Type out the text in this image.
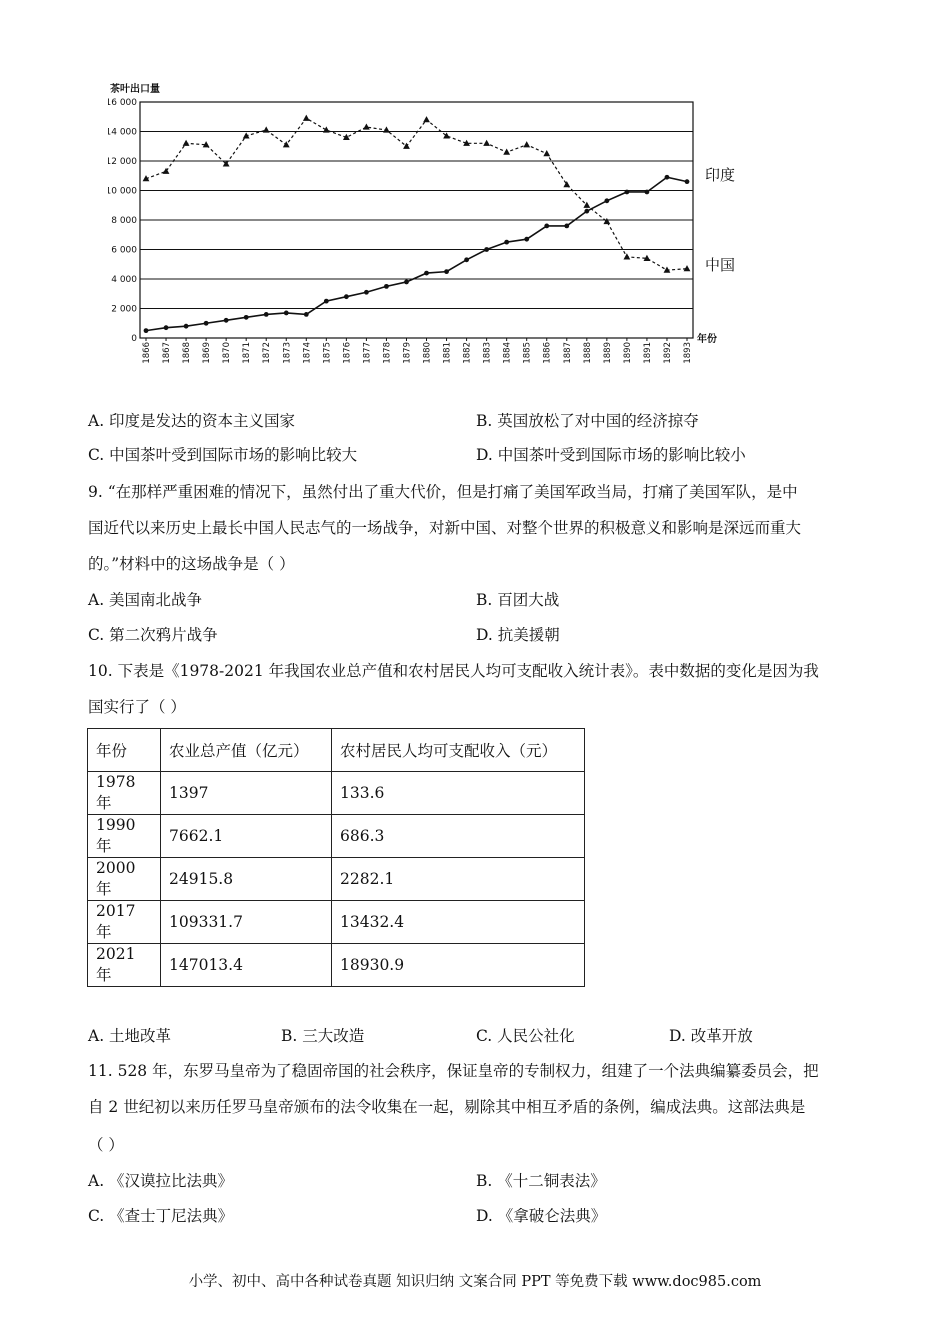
0
2 000
4 000
6 000
8 000
10 000
12 000
14 000
16 000
茶叶出口量
1866 1867 1868 1869 1870 1871 1872 1873 1874 1875 1876 1877 1878 1879 1880 1881 1882 1883 1884 1885 1886 1887 1888 1889 1890 1891 1892 1893
年份
中国
印度
A. 印度是发达的资本主义国家	B. 英国放松了对中国的经济掠夺
C. 中国茶叶受到国际市场的影响比较大	D. 中国茶叶受到国际市场的影响比较小
9. “在那样严重困难的情况下，虽然付出了重大代价，但是打痛了美国军政当局，打痛了美国军队，是中
国近代以来历史上最长中国人民志气的一场战争，对新中国、对整个世界的积极意义和影响是深远而重大
的。”材料中的这场战争是（ ）
A. 美国南北战争	B. 百团大战
C. 第二次鸦片战争	D. 抗美援朝
10. 下表是《1978-2021 年我国农业总产值和农村居民人均可支配收入统计表》。表中数据的变化是因为我
国实行了（ ）
年份	农业总产值（亿元）	农村居民人均可支配收入（元）
1978 年	1397	133.6
1990 年	7662.1	686.3
2000 年	24915.8	2282.1
2017 年	109331.7	13432.4
2021 年	147013.4	18930.9
A. 土地改革	B. 三大改造	C. 人民公社化	D. 改革开放
11. 528 年，东罗马皇帝为了稳固帝国的社会秩序，保证皇帝的专制权力，组建了一个法典编纂委员会，把
自 2 世纪初以来历任罗马皇帝颁布的法令收集在一起，剔除其中相互矛盾的条例，编成法典。这部法典是
（ ）
A. 《汉谟拉比法典》	B. 《十二铜表法》
C. 《查士丁尼法典》	D. 《拿破仑法典》
小学、初中、高中各种试卷真题 知识归纳 文案合同 PPT 等免费下载 www.doc985.com
